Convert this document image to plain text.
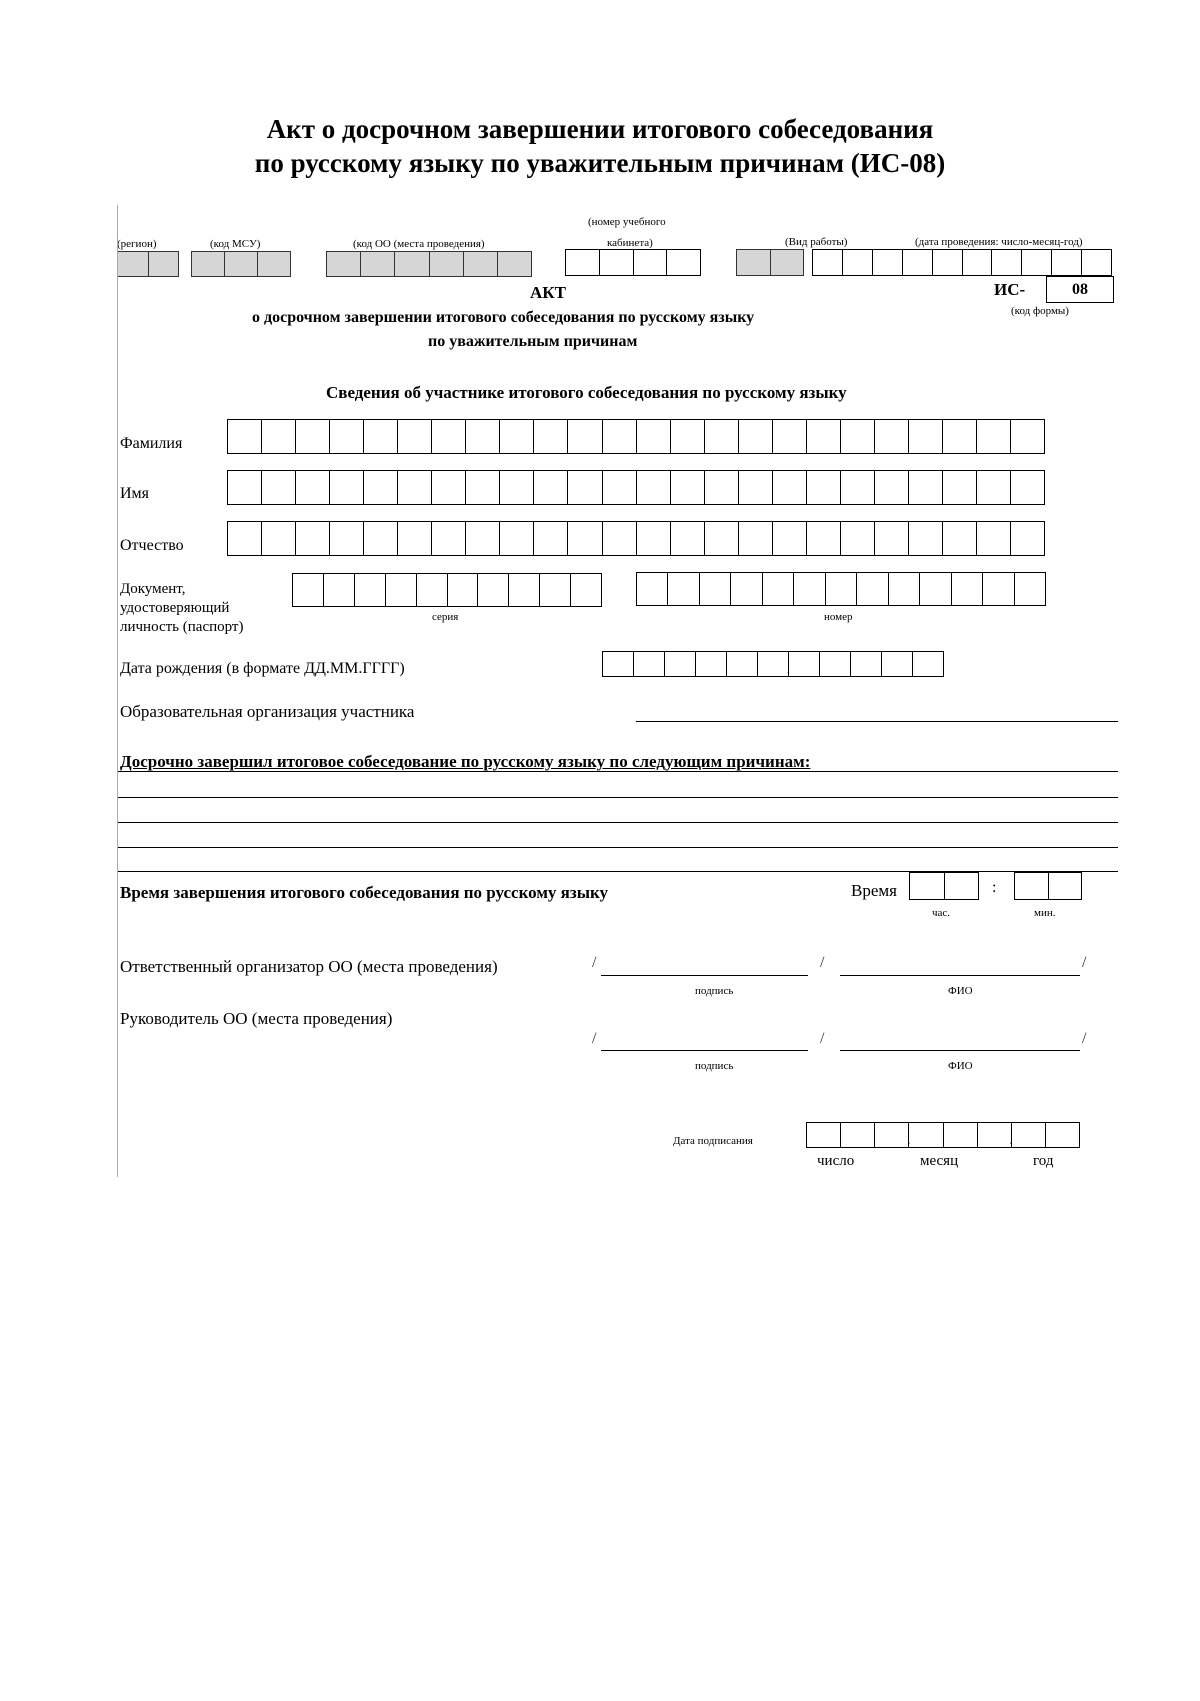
Акт о досрочном завершении итогового собеседования
по русскому языку по уважительным причинам (ИС-08)
(регион)	(код МСУ)	(код ОО (места проведения)
(номер учебного
кабинета)	(Вид работы)	(дата проведения: число-месяц-год)
ИС-	08
(код формы)
АКТ
о досрочном завершении итогового собеседования по русскому языку
по уважительным причинам
Сведения об участнике итогового собеседования по русскому языку
Фамилия
Имя
Отчество
Документ,
удостоверяющий
личность (паспорт)
серия	номер
Дата рождения (в формате ДД.ММ.ГГГГ)	.	.
Образовательная организация участника
Досрочно завершил итоговое собеседование по русскому языку по следующим причинам:
Время завершения итогового собеседования по русскому языку	Время	:
час.	мин.
Ответственный организатор ОО (места проведения)	/	/	/
подпись	ФИО
Руководитель ОО (места проведения)
/	/	/
подпись	ФИО
Дата подписания	.	.
число	месяц	год
